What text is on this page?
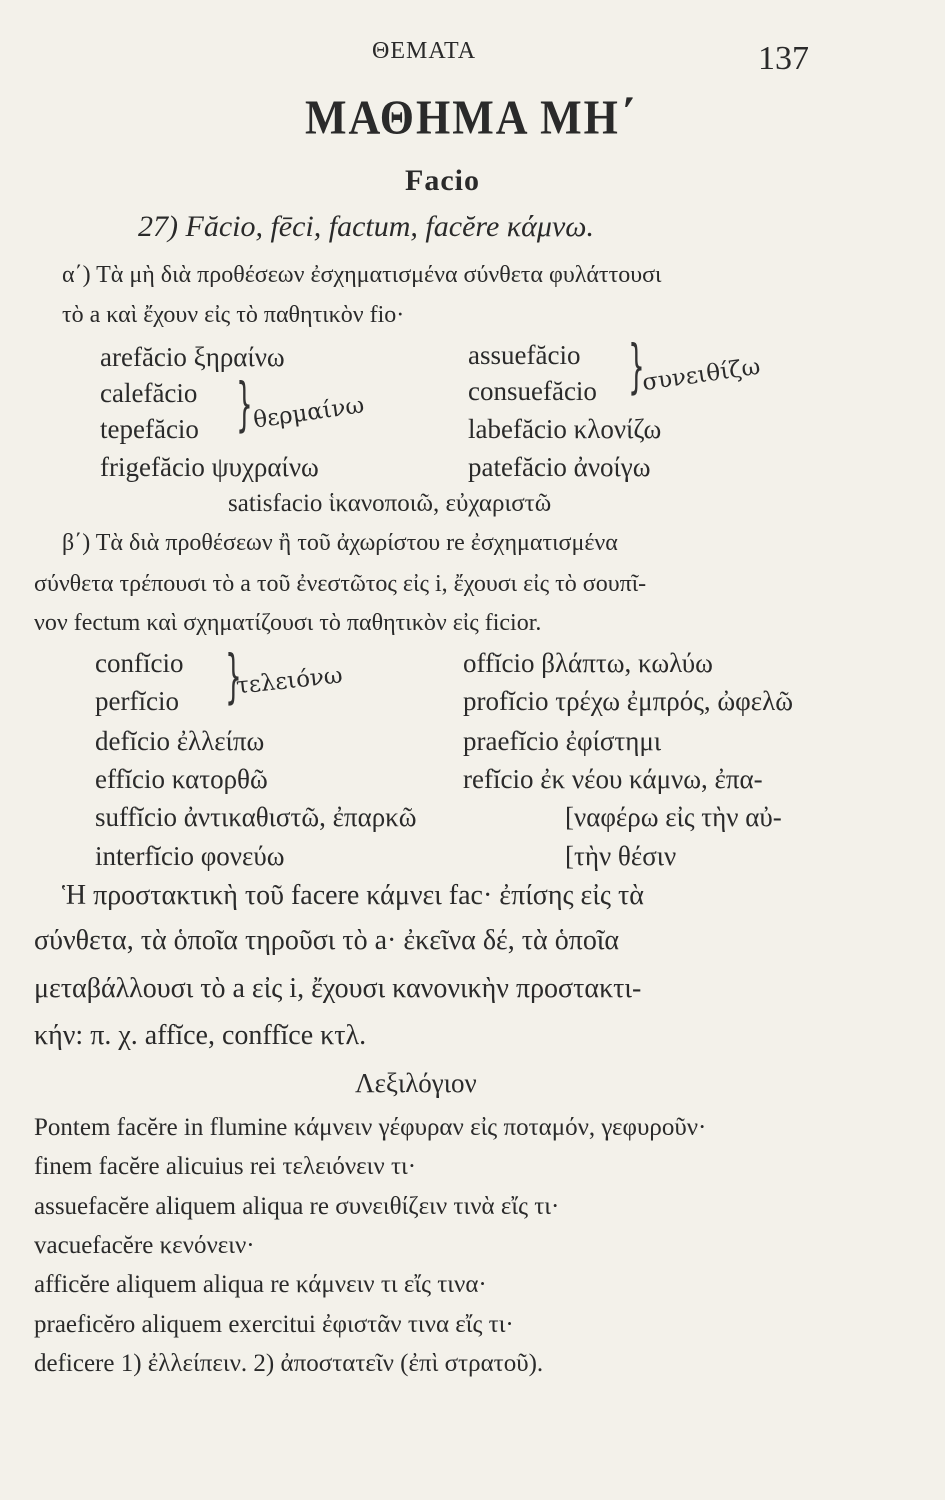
ΘΕΜΑΤΑ	137
ΜΑΘΗΜΑ ΜΗ΄
Facio
27) Făcio, fēci, factum, facĕre κάμνω.
α΄) Τὰ μὴ διὰ προθέσεων ἐσχηματισμένα σύνθετα φυλάττουσι
τὸ a καὶ ἔχουν εἰς τὸ παθητικὸν fio·
arefăcio ξηραίνω
calefăcio
tepefăcio
frigefăcio ψυχραίνω
}
θερμαίνω
assuefăcio
consuefăcio
labefăcio κλονίζω
patefăcio ἀνοίγω
}
συνειθίζω
satisfacio ἱκανοποιῶ, εὐχαριστῶ
β΄) Τὰ διὰ προθέσεων ἢ τοῦ ἀχωρίστου re ἐσχηματισμένα
σύνθετα τρέπουσι τὸ a τοῦ ἐνεστῶτος εἰς i, ἔχουσι εἰς τὸ σουπῖ-
νον fectum καὶ σχηματίζουσι τὸ παθητικὸν εἰς ficior.
confĭcio
perfĭcio }
τελειόνω
defĭcio ἐλλείπω
effĭcio κατορθῶ
suffĭcio ἀντικαθιστῶ, ἐπαρκῶ
interfĭcio φονεύω
offĭcio βλάπτω, κωλύω
profĭcio τρέχω ἐμπρός, ὠφελῶ
praefĭcio ἐφίστημι
refĭcio ἐκ νέου κάμνω, ἐπα-
[ναφέρω εἰς τὴν αὐ-
[τὴν θέσιν
Ἡ προστακτικὴ τοῦ facere κάμνει fac· ἐπίσης εἰς τὰ
σύνθετα, τὰ ὁποῖα τηροῦσι τὸ a· ἐκεῖνα δέ, τὰ ὁποῖα
μεταβάλλουσι τὸ a εἰς i, ἔχουσι κανονικὴν προστακτι-
κήν: π. χ. affĭce, conffĭce κτλ.
Λεξιλόγιον
Pontem facĕre in flumine κάμνειν γέφυραν εἰς ποταμόν, γεφυροῦν·
finem facĕre alicuius rei τελειόνειν τι·
assuefacĕre aliquem aliqua re συνειθίζειν τινὰ εἴς τι·
vacuefacĕre κενόνειν·
afficĕre aliquem aliqua re κάμνειν τι εἴς τινα·
praeficĕro aliquem exercitui ἐφιστᾶν τινα εἴς τι·
deficere 1) ἐλλείπειν. 2) ἀποστατεῖν (ἐπὶ στρατοῦ).
